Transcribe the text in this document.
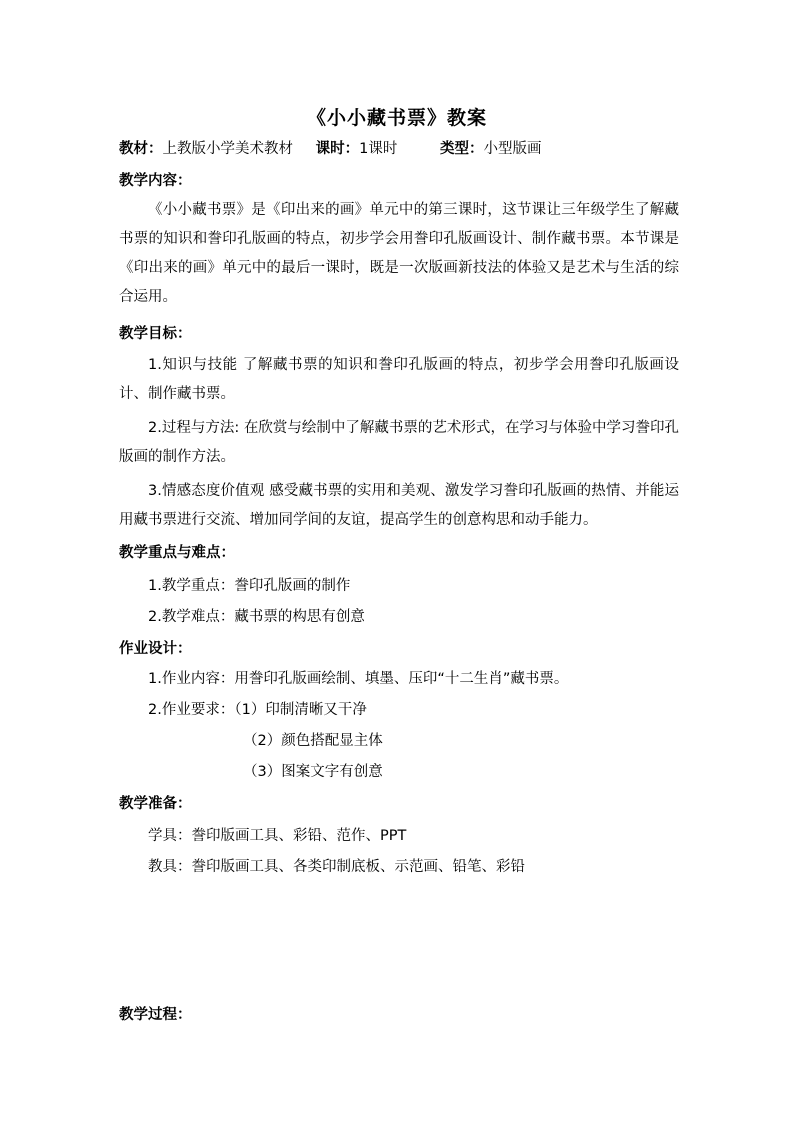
《小小藏书票》教案
教材：上教版小学美术教材 课时：1课时	类型：小型版画
教学内容：

《小小藏书票》是《印出来的画》单元中的第三课时，这节课让三年级学生了解藏书票的知识和誊印孔版画的特点，初步学会用誊印孔版画设计、制作藏书票。本节课是《印出来的画》单元中的最后一课时，既是一次版画新技法的体验又是艺术与生活的综合运用。

教学目标：

1.知识与技能 了解藏书票的知识和誊印孔版画的特点，初步学会用誊印孔版画设计、制作藏书票。

2.过程与方法: 在欣赏与绘制中了解藏书票的艺术形式，在学习与体验中学习誊印孔版画的制作方法。

3.情感态度价值观 感受藏书票的实用和美观、激发学习誊印孔版画的热情、并能运用藏书票进行交流、增加同学间的友谊，提高学生的创意构思和动手能力。

教学重点与难点：
1.教学重点：誊印孔版画的制作
2.教学难点：藏书票的构思有创意
作业设计：
1.作业内容：用誊印孔版画绘制、填墨、压印“十二生肖”藏书票。
2.作业要求：（1）印制清晰又干净
（2）颜色搭配显主体
（3）图案文字有创意
教学准备：
学具：誊印版画工具、彩铅、范作、PPT
教具：誊印版画工具、各类印制底板、示范画、铅笔、彩铅
教学过程：
